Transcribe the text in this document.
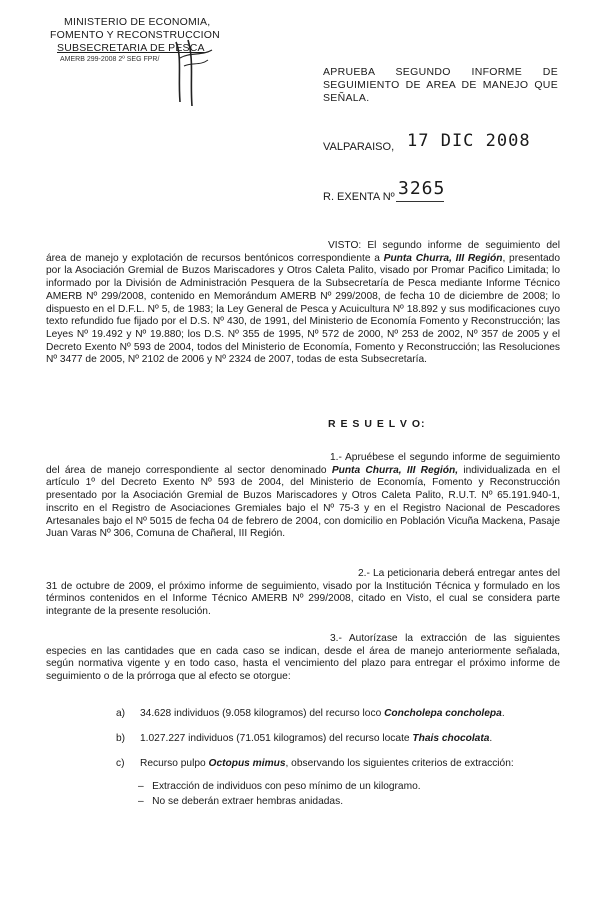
MINISTERIO DE ECONOMIA,
FOMENTO Y RECONSTRUCCION
SUBSECRETARIA DE PESCA
AMERB 299-2008 2º SEG FPR/
APRUEBA SEGUNDO INFORME DE
SEGUIMIENTO DE AREA DE MANEJO QUE
SEÑALA.
VALPARAISO, 17 DIC 2008
R. EXENTA Nº 3265
VISTO: El segundo informe de seguimiento del área de manejo y explotación de recursos bentónicos correspondiente a Punta Churra, III Región, presentado por la Asociación Gremial de Buzos Mariscadores y Otros Caleta Palito, visado por Promar Pacifico Limitada; lo informado por la División de Administración Pesquera de la Subsecretaría de Pesca mediante Informe Técnico AMERB Nº 299/2008, contenido en Memorándum AMERB Nº 299/2008, de fecha 10 de diciembre de 2008; lo dispuesto en el D.F.L. Nº 5, de 1983; la Ley General de Pesca y Acuicultura Nº 18.892 y sus modificaciones cuyo texto refundido fue fijado por el D.S. Nº 430, de 1991, del Ministerio de Economía Fomento y Reconstrucción; las Leyes Nº 19.492 y Nº 19.880; los D.S. Nº 355 de 1995, Nº 572 de 2000, Nº 253 de 2002, Nº 357 de 2005 y el Decreto Exento Nº 593 de 2004, todos del Ministerio de Economía, Fomento y Reconstrucción; las Resoluciones Nº 3477 de 2005, Nº 2102 de 2006 y Nº 2324 de 2007, todas de esta Subsecretaría.
R E S U E L V O:
1.- Apruébese el segundo informe de seguimiento del área de manejo correspondiente al sector denominado Punta Churra, III Región, individualizada en el artículo 1º del Decreto Exento Nº 593 de 2004, del Ministerio de Economía, Fomento y Reconstrucción presentado por la Asociación Gremial de Buzos Mariscadores y Otros Caleta Palito, R.U.T. Nº 65.191.940-1, inscrito en el Registro de Asociaciones Gremiales bajo el Nº 75-3 y en el Registro Nacional de Pescadores Artesanales bajo el Nº 5015 de fecha 04 de febrero de 2004, con domicilio en Población Vicuña Mackena, Pasaje Juan Varas Nº 306, Comuna de Chañeral, III Región.
2.- La peticionaria deberá entregar antes del 31 de octubre de 2009, el próximo informe de seguimiento, visado por la Institución Técnica y formulado en los términos contenidos en el Informe Técnico AMERB Nº 299/2008, citado en Visto, el cual se considera parte integrante de la presente resolución.
3.- Autorízase la extracción de las siguientes especies en las cantidades que en cada caso se indican, desde el área de manejo anteriormente señalada, según normativa vigente y en todo caso, hasta el vencimiento del plazo para entregar el próximo informe de seguimiento o de la prórroga que al efecto se otorgue:
a) 34.628 individuos (9.058 kilogramos) del recurso loco Concholepa concholepa.
b) 1.027.227 individuos (71.051 kilogramos) del recurso locate Thais chocolata.
c) Recurso pulpo Octopus mimus, observando los siguientes criterios de extracción:
– Extracción de individuos con peso mínimo de un kilogramo.
– No se deberán extraer hembras anidadas.
